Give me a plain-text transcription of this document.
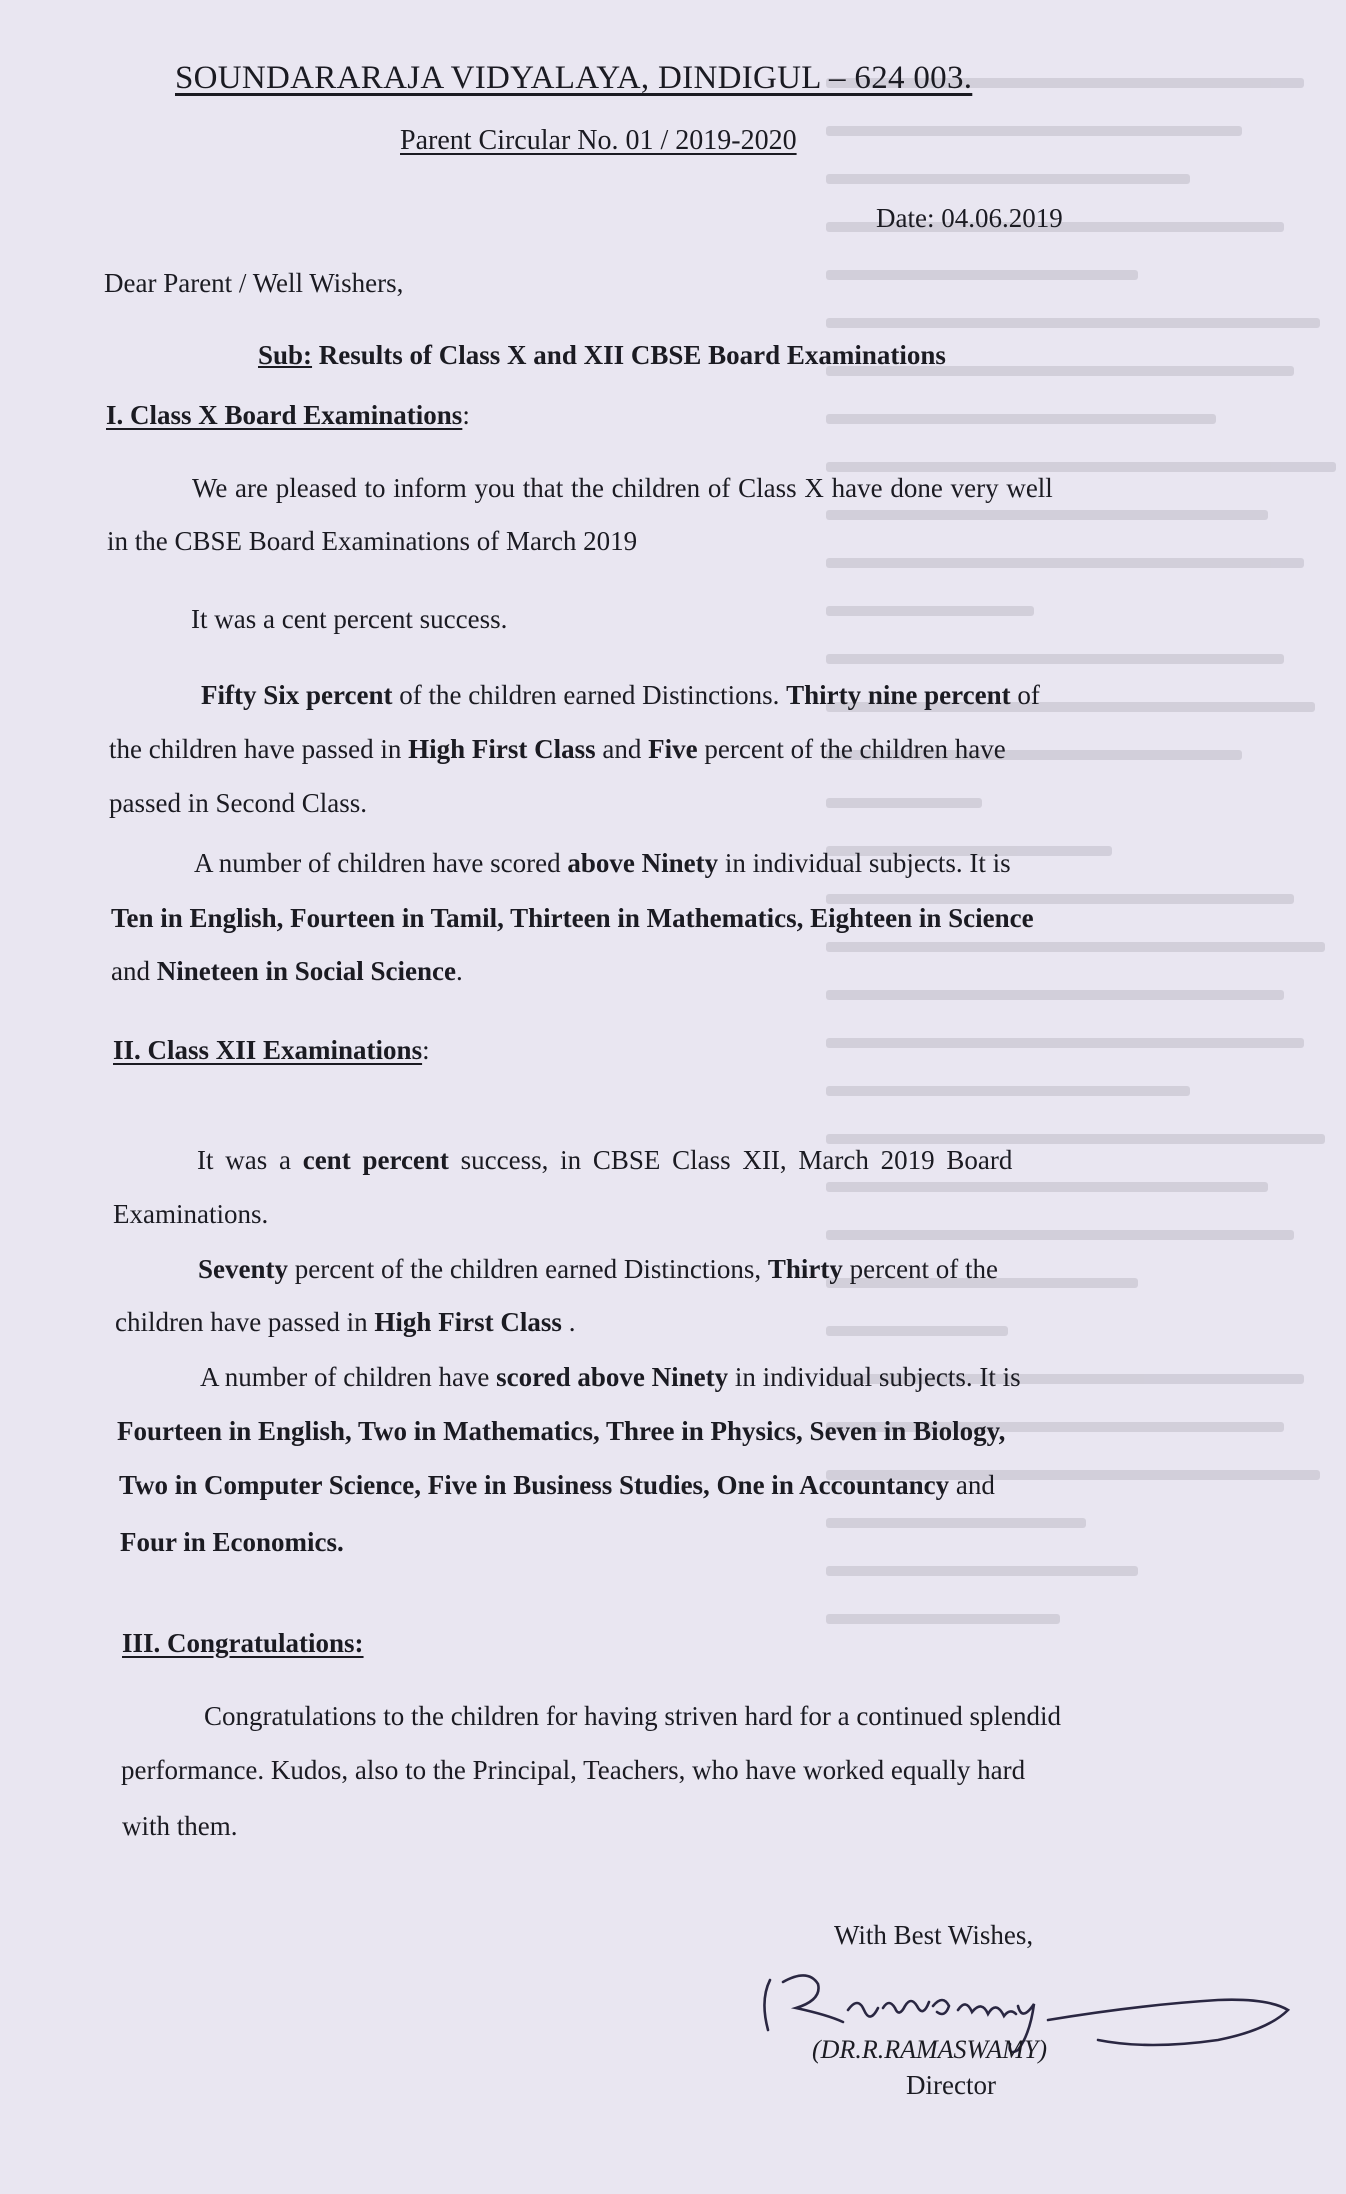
SOUNDARARAJA VIDYALAYA, DINDIGUL – 624 003.
Parent Circular No. 01 / 2019-2020
Date: 04.06.2019
Dear Parent / Well Wishers,
Sub: Results of Class X and XII CBSE Board Examinations
I. Class X Board Examinations:
We are pleased to inform you that the children of Class X have done very well
in the CBSE Board Examinations of March 2019
It was a cent percent success.
Fifty Six percent of the children earned Distinctions. Thirty nine percent of
the children have passed in High First Class and Five percent of the children have
passed in Second Class.
A number of children have scored above Ninety in individual subjects. It is
Ten in English, Fourteen in Tamil, Thirteen in Mathematics, Eighteen in Science
and Nineteen in Social Science.
II. Class XII Examinations:
It was a cent percent success, in CBSE Class XII, March 2019 Board
Examinations.
Seventy percent of the children earned Distinctions, Thirty percent of the
children have passed in High First Class .
A number of children have scored above Ninety in individual subjects. It is
Fourteen in English, Two in Mathematics, Three in Physics, Seven in Biology,
Two in Computer Science, Five in Business Studies, One in Accountancy and
Four in Economics.
III. Congratulations:
Congratulations to the children for having striven hard for a continued splendid
performance. Kudos, also to the Principal, Teachers, who have worked equally hard
with them.
With Best Wishes,
(DR.R.RAMASWAMY)
Director
